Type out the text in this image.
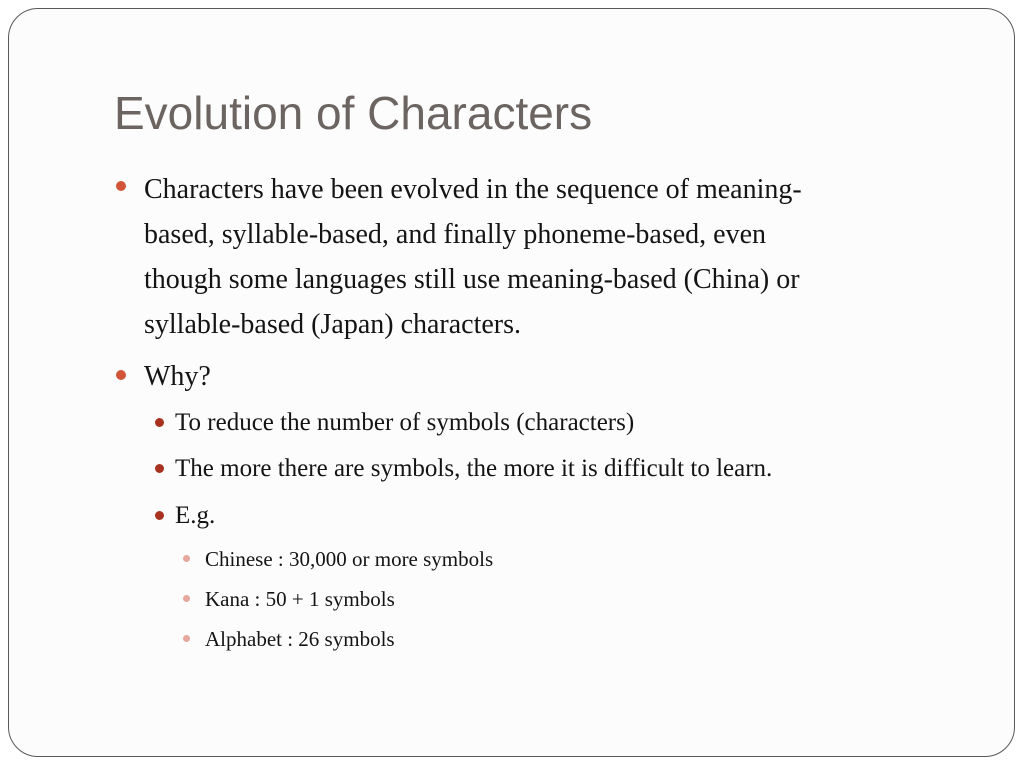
Evolution of Characters
Characters have been evolved in the sequence of meaning-
based, syllable-based, and finally phoneme-based, even
though some languages still use meaning-based (China) or
syllable-based (Japan) characters.
Why?
To reduce the number of symbols (characters)
The more there are symbols, the more it is difficult to learn.
E.g.
Chinese : 30,000 or more symbols
Kana : 50 + 1 symbols
Alphabet : 26 symbols
